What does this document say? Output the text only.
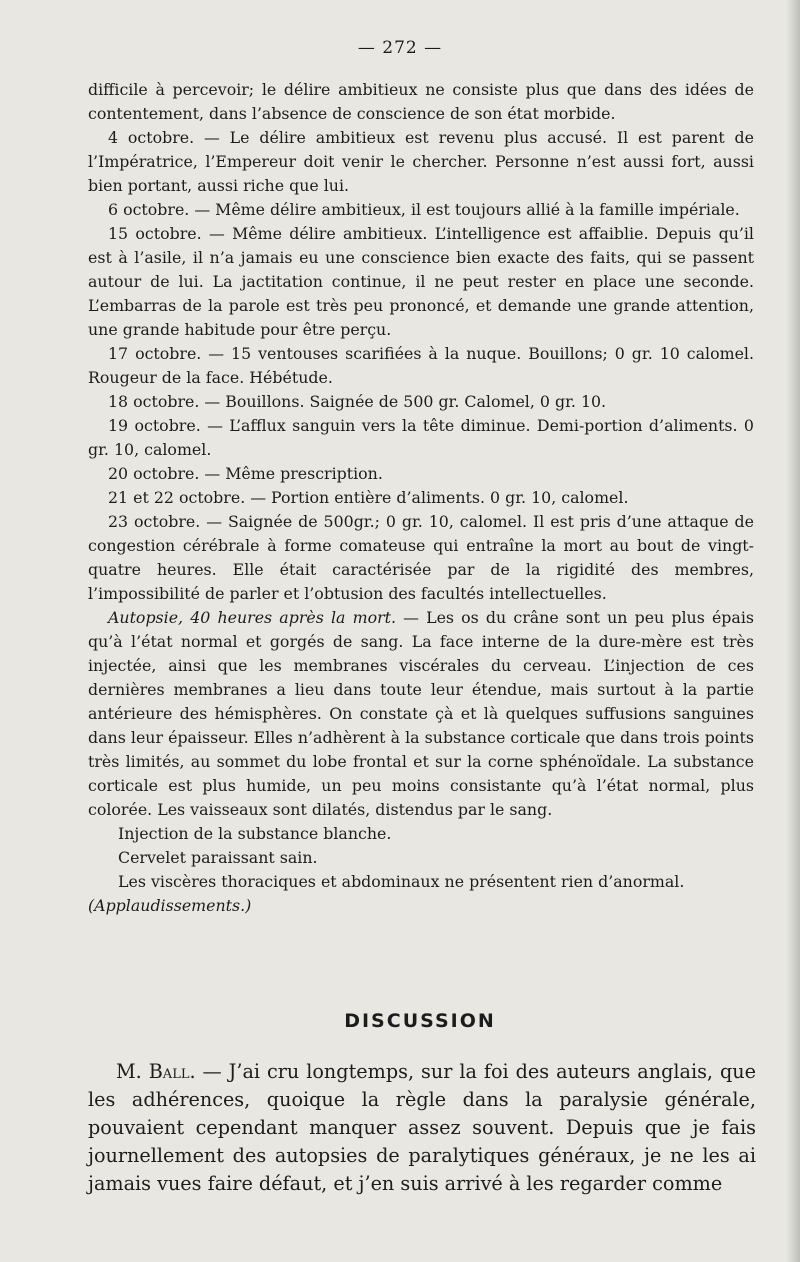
— 272 —

difficile à percevoir; le délire ambitieux ne consiste plus que dans des idées de contentement, dans l’absence de conscience de son état morbide.

4 octobre. — Le délire ambitieux est revenu plus accusé. Il est parent de l’Impératrice, l’Empereur doit venir le chercher. Personne n’est aussi fort, aussi bien portant, aussi riche que lui.

6 octobre. — Même délire ambitieux, il est toujours allié à la famille impériale.

15 octobre. — Même délire ambitieux. L’intelligence est affaiblie. Depuis qu’il est à l’asile, il n’a jamais eu une conscience bien exacte des faits, qui se passent autour de lui. La jactitation continue, il ne peut rester en place une seconde. L’embarras de la parole est très peu prononcé, et demande une grande attention, une grande habitude pour être perçu.

17 octobre. — 15 ventouses scarifiées à la nuque. Bouillons; 0 gr. 10 calomel. Rougeur de la face. Hébétude.

18 octobre. — Bouillons. Saignée de 500 gr. Calomel, 0 gr. 10.

19 octobre. — L’afflux sanguin vers la tête diminue. Demi-portion d’aliments. 0 gr. 10, calomel.

20 octobre. — Même prescription.

21 et 22 octobre. — Portion entière d’aliments. 0 gr. 10, calomel.

23 octobre. — Saignée de 500gr.; 0 gr. 10, calomel. Il est pris d’une attaque de congestion cérébrale à forme comateuse qui entraîne la mort au bout de vingt-quatre heures. Elle était caractérisée par de la rigidité des membres, l’impossibilité de parler et l’obtusion des facultés intellectuelles.

Autopsie, 40 heures après la mort. — Les os du crâne sont un peu plus épais qu’à l’état normal et gorgés de sang. La face interne de la dure-mère est très injectée, ainsi que les membranes viscérales du cerveau. L’injection de ces dernières membranes a lieu dans toute leur étendue, mais surtout à la partie antérieure des hémisphères. On constate çà et là quelques suffusions sanguines dans leur épaisseur. Elles n’adhèrent à la substance corticale que dans trois points très limités, au sommet du lobe frontal et sur la corne sphénoïdale. La substance corticale est plus humide, un peu moins consistante qu’à l’état normal, plus colorée. Les vaisseaux sont dilatés, distendus par le sang.

Injection de la substance blanche.

Cervelet paraissant sain.

Les viscères thoraciques et abdominaux ne présentent rien d’anormal.

(Applaudissements.)

DISCUSSION

M. Ball. — J’ai cru longtemps, sur la foi des auteurs anglais, que les adhérences, quoique la règle dans la paralysie générale, pouvaient cependant manquer assez souvent. Depuis que je fais journellement des autopsies de paralytiques généraux, je ne les ai jamais vues faire défaut, et j’en suis arrivé à les regarder comme
